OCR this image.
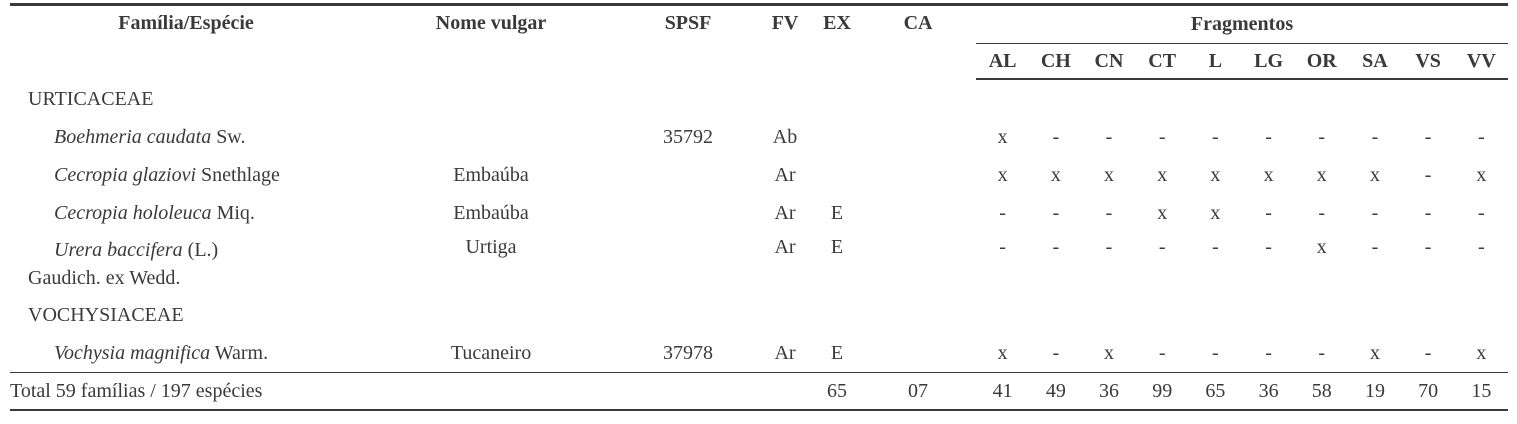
Família/Espécie	Nome vulgar	SPSF	FV	EX	CA	Fragmentos									
						AL	CH	CN	CT	L	LG	OR	SA	VS	VV
URTICACEAE															
Boehmeria caudata Sw.		35792	Ab			x	-	-	-	-	-	-	-	-	-
Cecropia glaziovi Snethlage	Embaúba		Ar			x	x	x	x	x	x	x	x	-	x
Cecropia hololeuca Miq.	Embaúba		Ar	E		-	-	-	x	x	-	-	-	-	-
Urera baccifera (L.)
Gaudich. ex Wedd.	Urtiga		Ar	E		-	-	-	-	-	-	x	-	-	-
VOCHYSIACEAE															
Vochysia magnifica Warm.	Tucaneiro	37978	Ar	E		x	-	x	-	-	-	-	x	-	x
Total 59 famílias / 197 espécies				65	07	41	49	36	99	65	36	58	19	70	15
